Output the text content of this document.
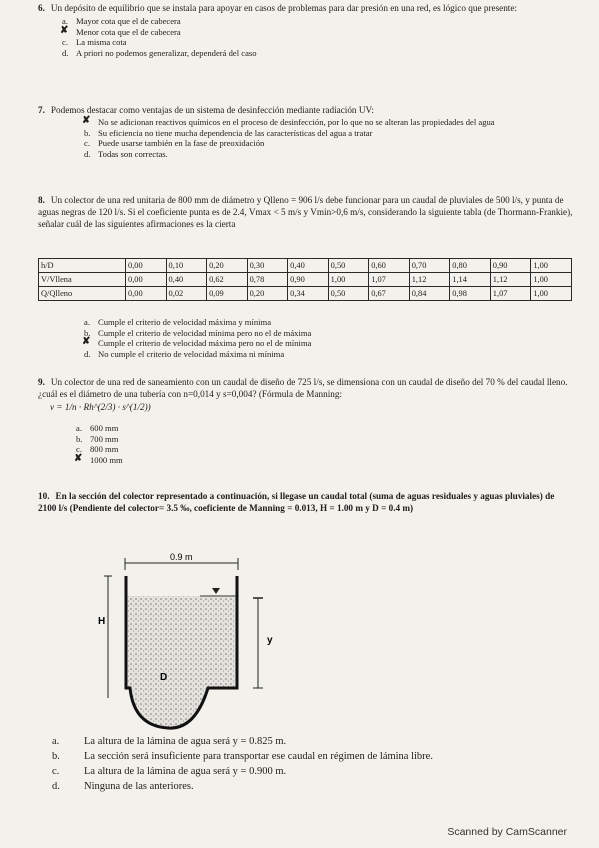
6. Un depósito de equilibrio que se instala para apoyar en casos de problemas para dar presión en una red, es lógico que presente:
a. Mayor cota que el de cabecera
✘ Menor cota que el de cabecera
c. La misma cota
d. A priori no podemos generalizar, dependerá del caso
7. Podemos destacar como ventajas de un sistema de desinfección mediante radiación UV:
✘ No se adicionan reactivos químicos en el proceso de desinfección, por lo que no se alteran las propiedades del agua
b. Su eficiencia no tiene mucha dependencia de las características del agua a tratar
c. Puede usarse también en la fase de preoxidación
d. Todas son correctas.
8. Un colector de una red unitaria de 800 mm de diámetro y Qlleno = 906 l/s debe funcionar para un caudal de pluviales de 500 l/s, y punta de aguas negras de 120 l/s. Si el coeficiente punta es de 2.4, Vmax < 5 m/s y Vmin>0,6 m/s, considerando la siguiente tabla (de Thormann-Frankie), señalar cuál de las siguientes afirmaciones es la cierta
h/D	0,00	0,10	0,20	0,30	0,40	0,50	0,60	0,70	0,80	0,90	1,00
V/Vllena	0,00	0,40	0,62	0,78	0,90	1,00	1,07	1,12	1,14	1,12	1,00
Q/Qlleno	0,00	0,02	0,09	0,20	0,34	0,50	0,67	0,84	0,98	1,07	1,00
a. Cumple el criterio de velocidad máxima y mínima
b. Cumple el criterio de velocidad mínima pero no el de máxima
✘ Cumple el criterio de velocidad máxima pero no el de mínima
d. No cumple el criterio de velocidad máxima ni mínima
9. Un colector de una red de saneamiento con un caudal de diseño de 725 l/s, se dimensiona con un caudal de diseño del 70 % del caudal lleno. ¿cuál es el diámetro de una tubería con n=0,014 y s=0,004? (Fórmula de Manning:
v = 1/n · Rh^(2/3) · s^(1/2))
a. 600 mm
b. 700 mm
c. 800 mm
✘ 1000 mm
10. En la sección del colector representado a continuación, si llegase un caudal total (suma de aguas residuales y aguas pluviales) de 2100 l/s (Pendiente del colector= 3.5 ‰, coeficiente de Manning = 0.013, H = 1.00 m y D = 0.4 m)
0.9 m
H
y
D
a. La altura de la lámina de agua será y = 0.825 m.
b. La sección será insuficiente para transportar ese caudal en régimen de lámina libre.
c. La altura de la lámina de agua será y = 0.900 m.
d. Ninguna de las anteriores.
Scanned by CamScanner
